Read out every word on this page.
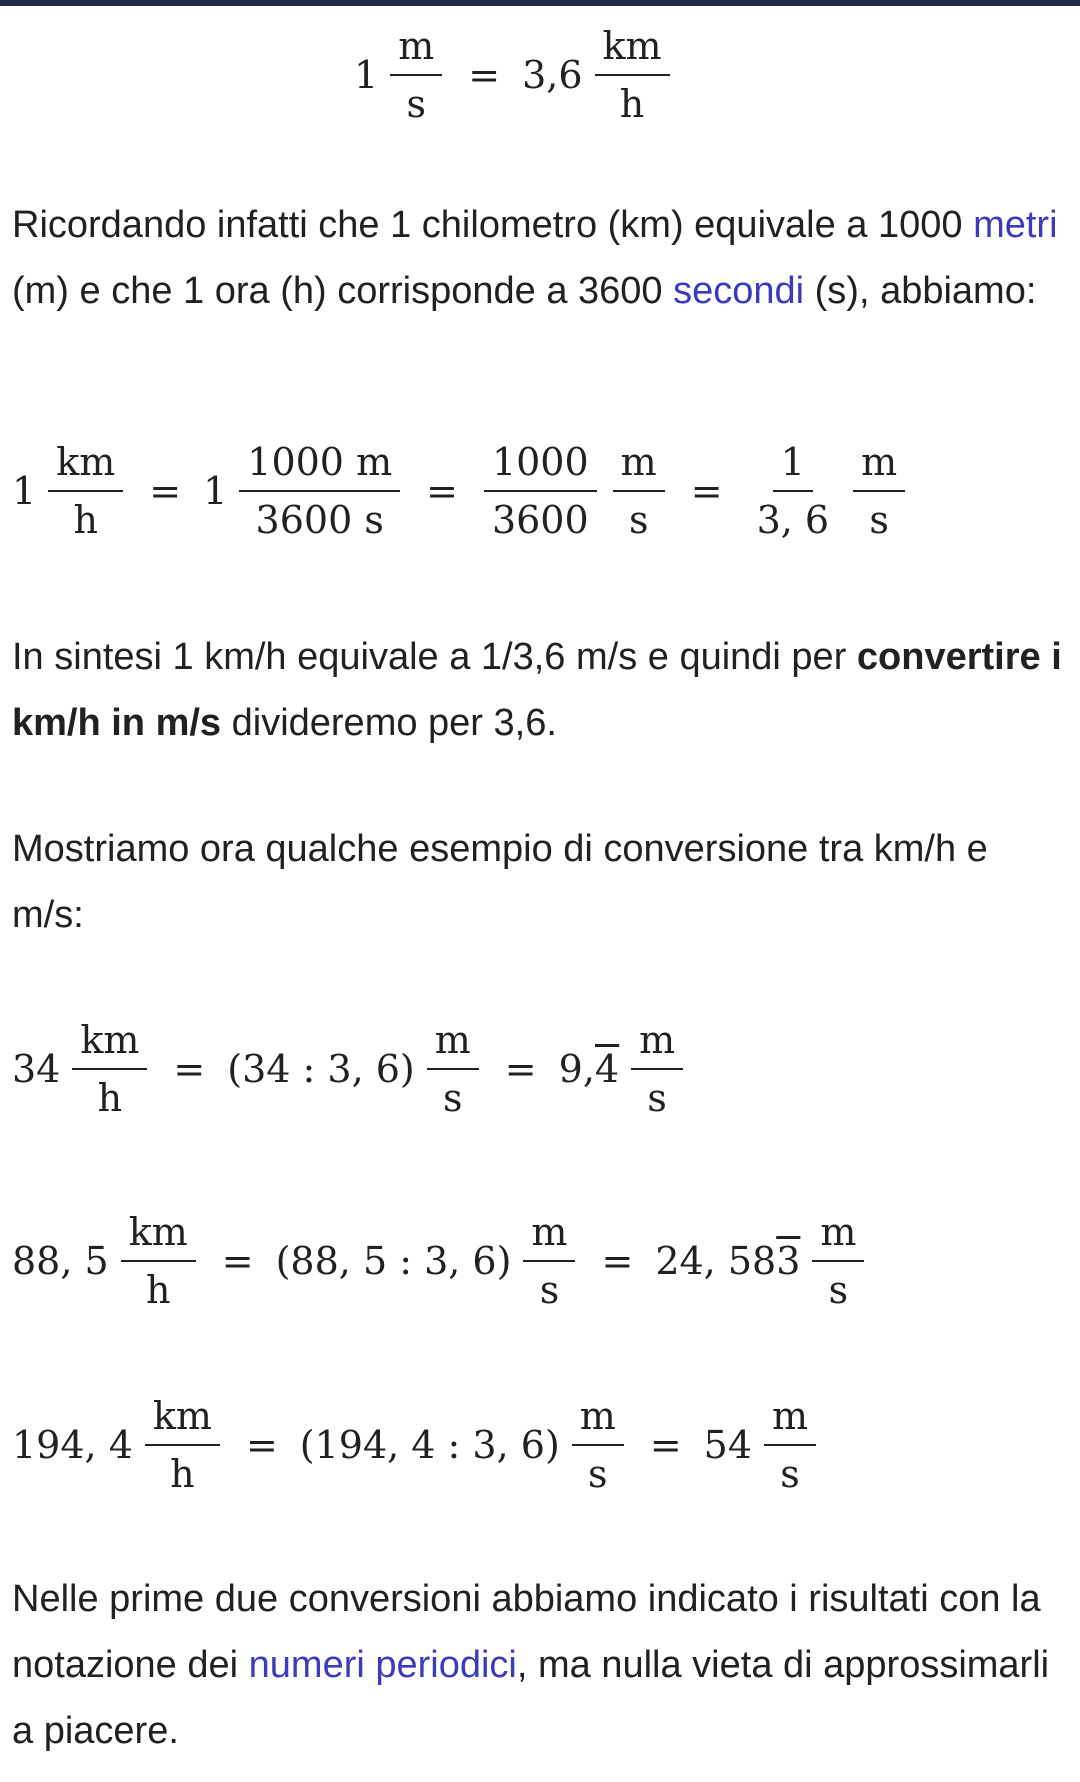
$1 \frac{m}{s} = 3,6 \frac{km}{h}$

Ricordando infatti che 1 chilometro (km) equivale a 1000 metri (m) e che 1 ora (h) corrisponde a 3600 secondi (s), abbiamo:

$1 \frac{km}{h} = 1 \frac{1000 m}{3600 s} = \frac{1000}{3600} \frac{m}{s} = \frac{1}{3, 6} \frac{m}{s}$

In sintesi 1 km/h equivale a 1/3,6 m/s e quindi per convertire i km/h in m/s divideremo per 3,6.

Mostriamo ora qualche esempio di conversione tra km/h e m/s:

$34 \frac{km}{h} = (34$ : 3, $6) \frac{m}{s} = 9,4 \frac{m}{s}$
88, $5 \frac{km}{h} = (88$, 5 : 3, $6) \frac{m}{s} = 24$, $583 \frac{m}{s}$
194, $4 \frac{km}{h} = (194$, 4 : 3, $6) \frac{m}{s} = 54 \frac{m}{s}$

Nelle prime due conversioni abbiamo indicato i risultati con la notazione dei numeri periodici, ma nulla vieta di approssimarli a piacere.
